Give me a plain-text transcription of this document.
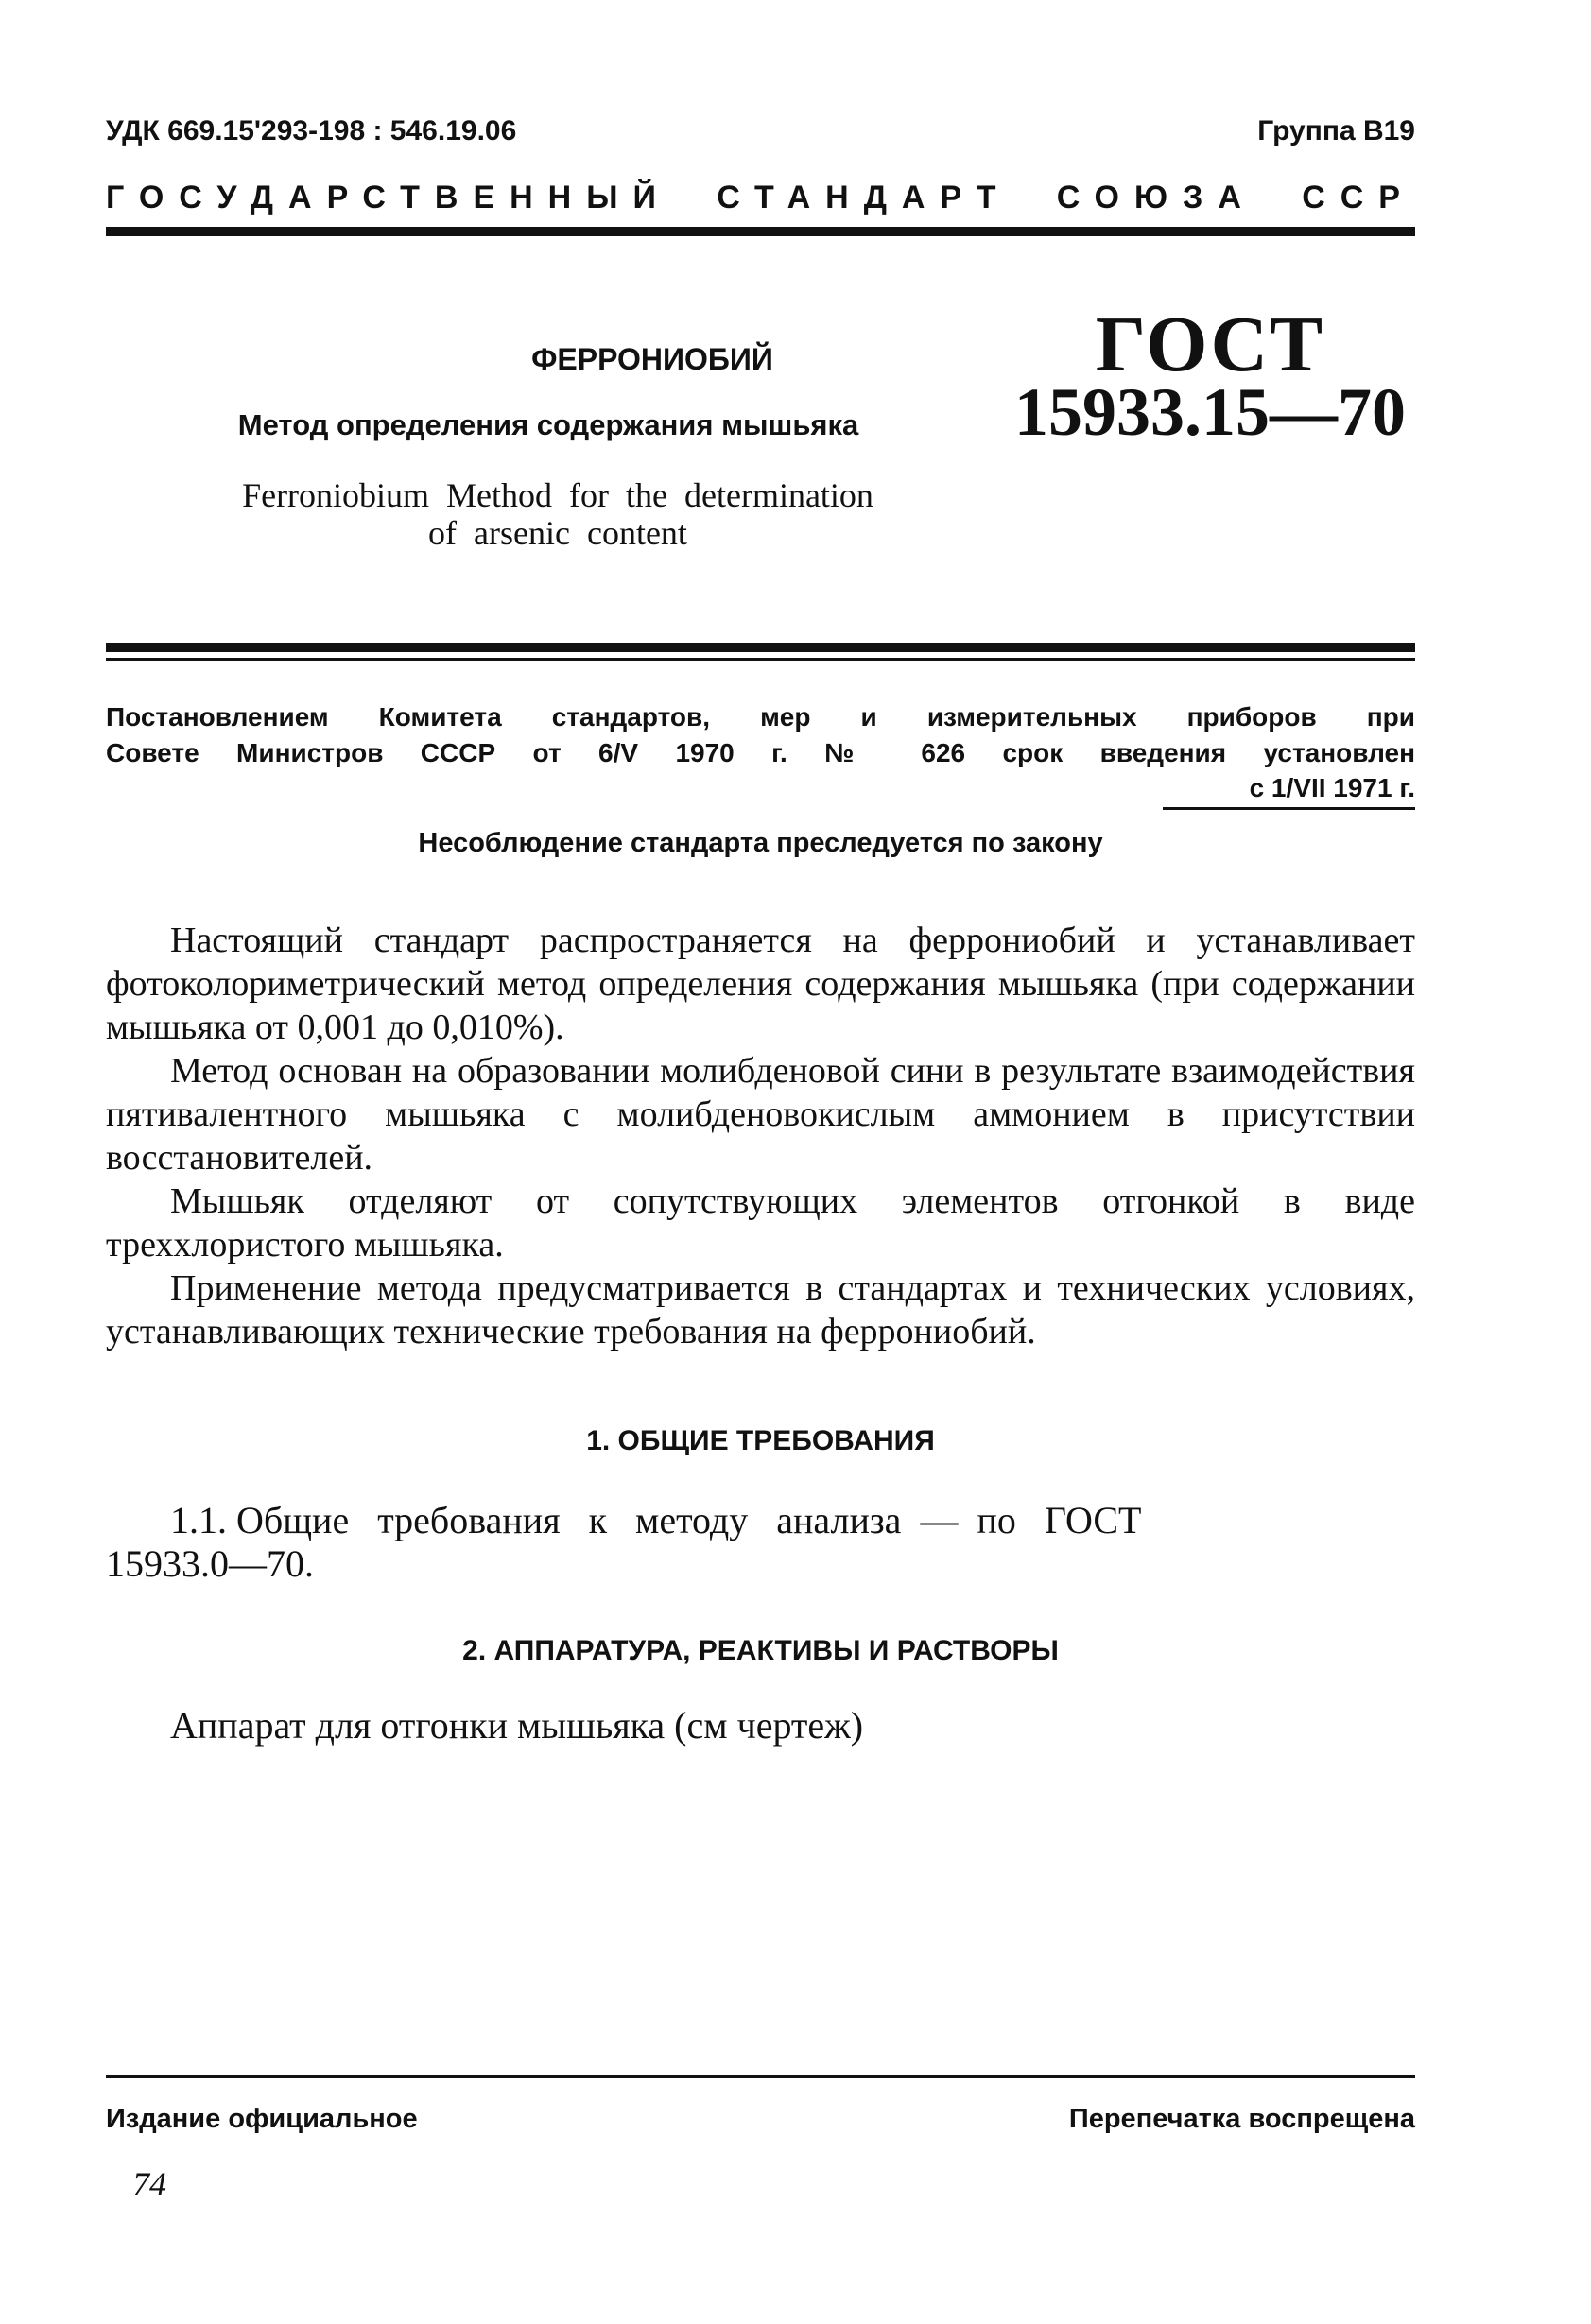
УДК 669.15'293-198 : 546.19.06	Группа В19
ГОСУДАРСТВЕННЫЙ СТАНДАРТ СОЮЗА ССР
ФЕРРОНИОБИЙ
Метод определения содержания мышьяка
Ferroniobium  Method  for  the  determination
of  arsenic  content
ГОСТ
15933.15—70
Постановлением Комитета стандартов, мер и измерительных приборов при
Совете Министров СССР от 6/V 1970 г. № 626 срок введения установлен
с 1/VII 1971 г.
Несоблюдение стандарта преследуется по закону

Настоящий стандарт распространяется на феррониобий и устанавливает фотоколориметрический метод определения содержания мышьяка (при содержании мышьяка от 0,001 до 0,010%).

Метод основан на образовании молибденовой сини в результате взаимодействия пятивалентного мышьяка с молибденовокислым аммонием в присутствии восстановителей.

Мышьяк отделяют от сопутствующих элементов отгонкой в виде треххлористого мышьяка.

Применение метода предусматривается в стандартах и технических условиях, устанавливающих технические требования на феррониобий.

1. ОБЩИЕ ТРЕБОВАНИЯ
1.1. Общие   требования   к   методу   анализа  —  по   ГОСТ
15933.0—70.
2. АППАРАТУРА, РЕАКТИВЫ И РАСТВОРЫ
Аппарат для отгонки мышьяка (см чертеж)
Издание официальное	Перепечатка воспрещена
74
